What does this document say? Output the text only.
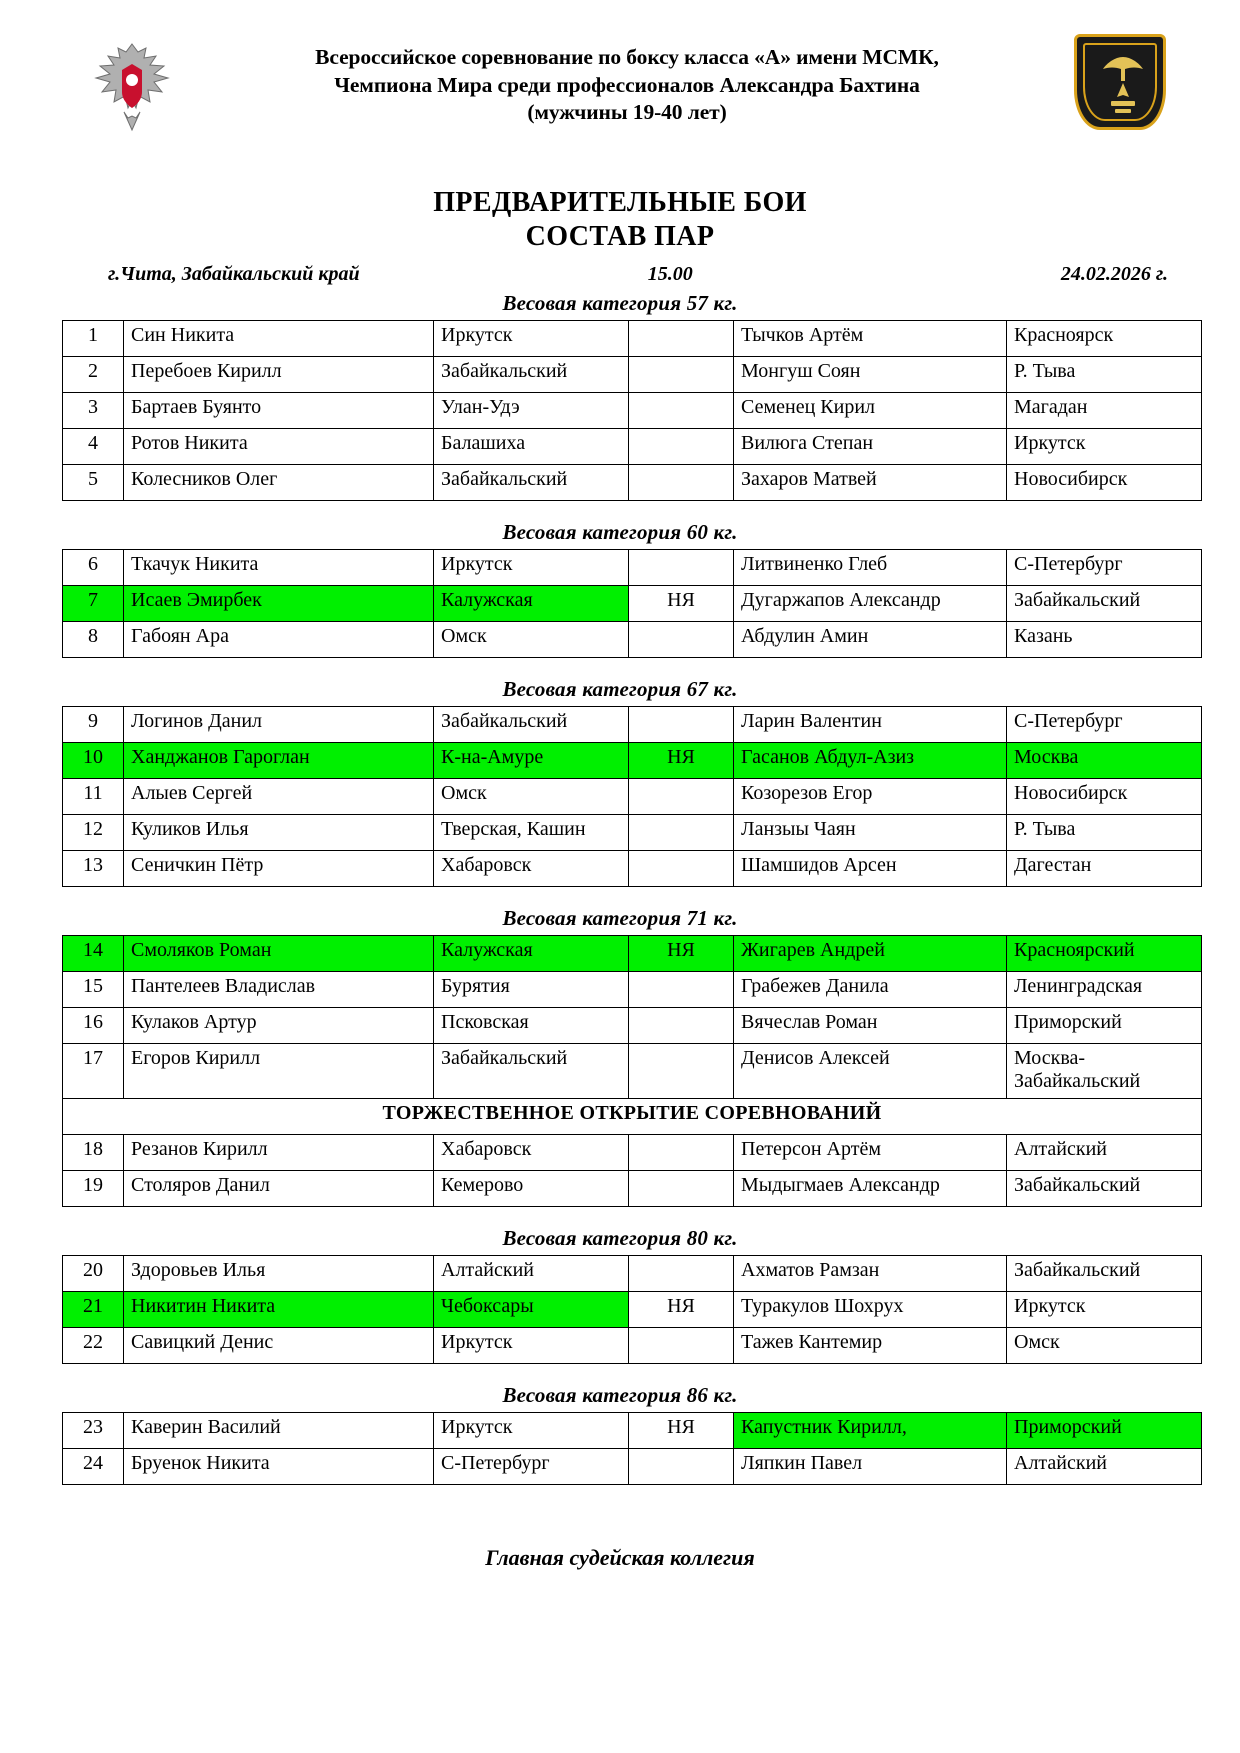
Всероссийское соревнование по боксу класса «А» имени МСМК,
Чемпиона Мира среди профессионалов Александра Бахтина
(мужчины 19-40 лет)
ПРЕДВАРИТЕЛЬНЫЕ БОИ
СОСТАВ ПАР
г.Чита, Забайкальский край	15.00	24.02.2026 г.
Весовая категория 57 кг.
1	Син Никита	Иркутск		Тычков Артём	Красноярск
2	Перебоев Кирилл	Забайкальский		Монгуш Соян	Р. Тыва
3	Бартаев Буянто	Улан-Удэ		Семенец Кирил	Магадан
4	Ротов Никита	Балашиха		Вилюга Степан	Иркутск
5	Колесников Олег	Забайкальский		Захаров Матвей	Новосибирск
Весовая категория 60 кг.
6	Ткачук Никита	Иркутск		Литвиненко Глеб	С-Петербург
7	Исаев Эмирбек	Калужская	НЯ	Дугаржапов Александр	Забайкальский
8	Габоян Ара	Омск		Абдулин Амин	Казань
Весовая категория 67 кг.
9	Логинов Данил	Забайкальский		Ларин Валентин	С-Петербург
10	Ханджанов Гароглан	К-на-Амуре	НЯ	Гасанов Абдул-Азиз	Москва
11	Алыев Сергей	Омск		Козорезов Егор	Новосибирск
12	Куликов Илья	Тверская, Кашин		Ланзыы Чаян	Р. Тыва
13	Сеничкин Пётр	Хабаровск		Шамшидов Арсен	Дагестан
Весовая категория 71 кг.
14	Смоляков Роман	Калужская	НЯ	Жигарев Андрей	Красноярский
15	Пантелеев Владислав	Бурятия		Грабежев Данила	Ленинградская
16	Кулаков Артур	Псковская		Вячеслав Роман	Приморский
17	Егоров Кирилл	Забайкальский		Денисов Алексей	Москва-Забайкальский
ТОРЖЕСТВЕННОЕ ОТКРЫТИЕ СОРЕВНОВАНИЙ					
18	Резанов Кирилл	Хабаровск		Петерсон Артём	Алтайский
19	Столяров Данил	Кемерово		Мыдыгмаев Александр	Забайкальский
Весовая категория 80 кг.
20	Здоровьев Илья	Алтайский		Ахматов Рамзан	Забайкальский
21	Никитин Никита	Чебоксары	НЯ	Туракулов Шохрух	Иркутск
22	Савицкий Денис	Иркутск		Тажев Кантемир	Омск
Весовая категория 86 кг.
23	Каверин Василий	Иркутск	НЯ	Капустник Кирилл,	Приморский
24	Бруенок Никита	С-Петербург		Ляпкин Павел	Алтайский
Главная судейская коллегия
